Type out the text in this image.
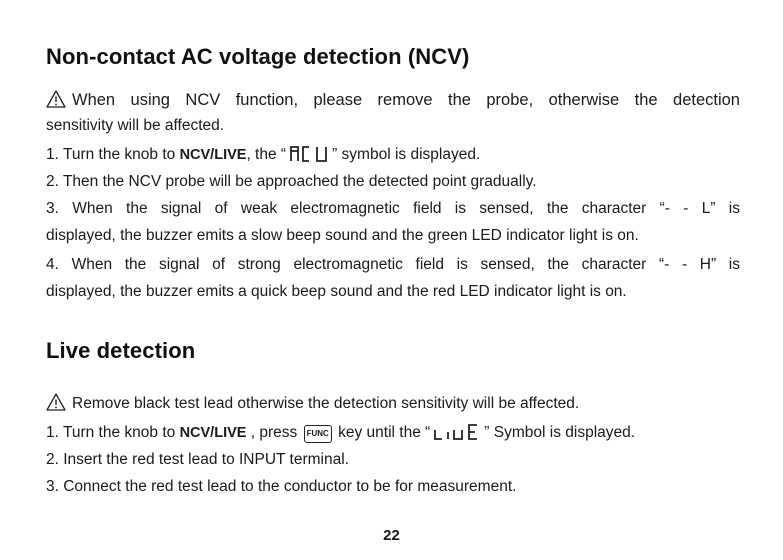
Non-contact AC voltage detection (NCV)

When using NCV function, please remove the probe, otherwise the detection

sensitivity will be affected.

1. Turn the knob to NCV/LIVE, the “	” symbol is displayed.

2. Then the NCV probe will be approached the detected point gradually.

3. When the signal of weak electromagnetic field is sensed, the character “- - L” is

displayed, the buzzer emits a slow beep sound and the green LED indicator light is on.

4. When the signal of strong electromagnetic field is sensed, the character “- - H” is

displayed, the buzzer emits a quick beep sound and the red LED indicator light is on.

Live detection

Remove black test lead otherwise the detection sensitivity will be affected.

1. Turn the knob to NCV/LIVE , press FUNC key until the “	” Symbol is displayed.

2. Insert the red test lead to INPUT terminal.

3. Connect the red test lead to the conductor to be for measurement.

22
